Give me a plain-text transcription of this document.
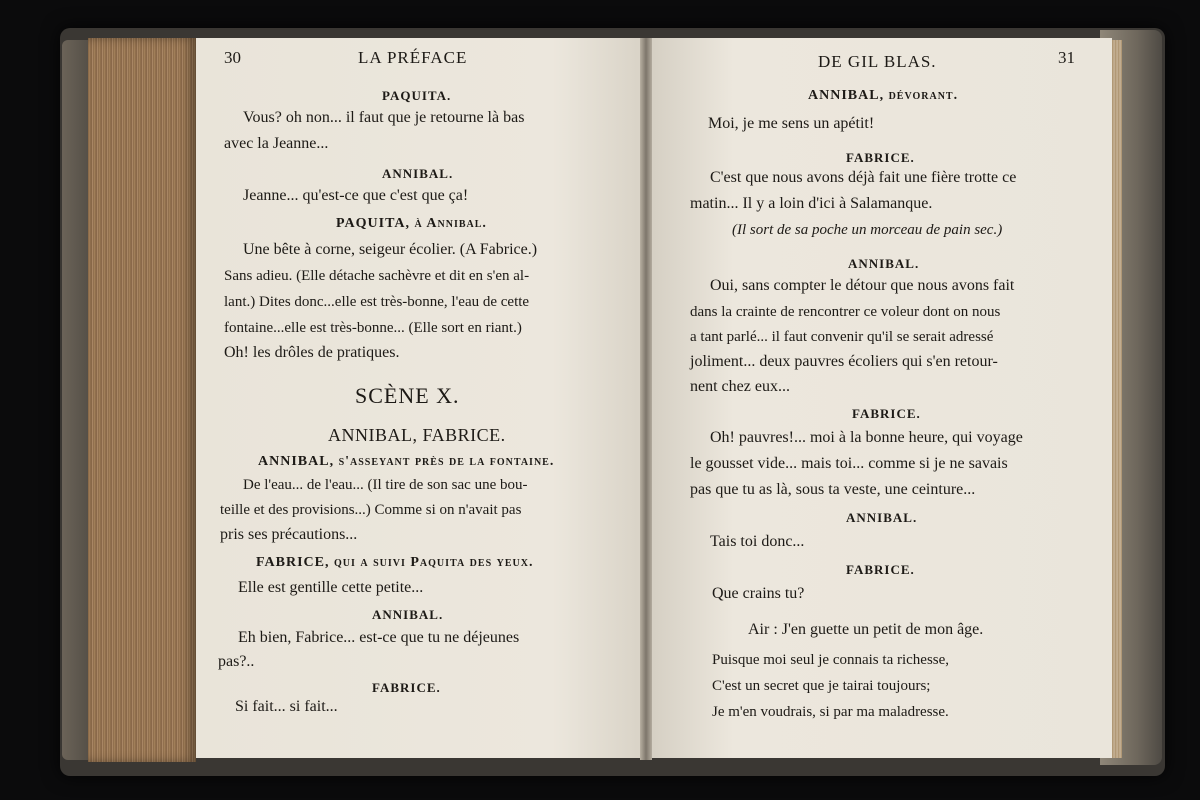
30	LA PRÉFACE
PAQUITA.
Vous? oh non... il faut que je retourne là bas
avec la Jeanne...
ANNIBAL.
Jeanne... qu'est-ce que c'est que ça!
PAQUITA, à Annibal.
Une bête à corne, seigeur écolier. (A Fabrice.)
Sans adieu. (Elle détache sachèvre et dit en s'en al-
lant.) Dites donc...elle est très-bonne, l'eau de cette
fontaine...elle est très-bonne... (Elle sort en riant.)
Oh! les drôles de pratiques.
SCÈNE X.
ANNIBAL, FABRICE.
ANNIBAL, s'asseyant près de la fontaine.
De l'eau... de l'eau... (Il tire de son sac une bou-
teille et des provisions...) Comme si on n'avait pas
pris ses précautions...
FABRICE, qui a suivi Paquita des yeux.
Elle est gentille cette petite...
ANNIBAL.
Eh bien, Fabrice... est-ce que tu ne déjeunes
pas?..
FABRICE.
Si fait... si fait...
DE GIL BLAS.	31
ANNIBAL, dévorant.
Moi, je me sens un apétit!
FABRICE.
C'est que nous avons déjà fait une fière trotte ce
matin... Il y a loin d'ici à Salamanque.
(Il sort de sa poche un morceau de pain sec.)
ANNIBAL.
Oui, sans compter le détour que nous avons fait
dans la crainte de rencontrer ce voleur dont on nous
a tant parlé... il faut convenir qu'il se serait adressé
joliment... deux pauvres écoliers qui s'en retour-
nent chez eux...
FABRICE.
Oh! pauvres!... moi à la bonne heure, qui voyage
le gousset vide... mais toi... comme si je ne savais
pas que tu as là, sous ta veste, une ceinture...
ANNIBAL.
Tais toi donc...
FABRICE.
Que crains tu?
Air : J'en guette un petit de mon âge.
Puisque moi seul je connais ta richesse,
C'est un secret que je tairai toujours;
Je m'en voudrais, si par ma maladresse.
